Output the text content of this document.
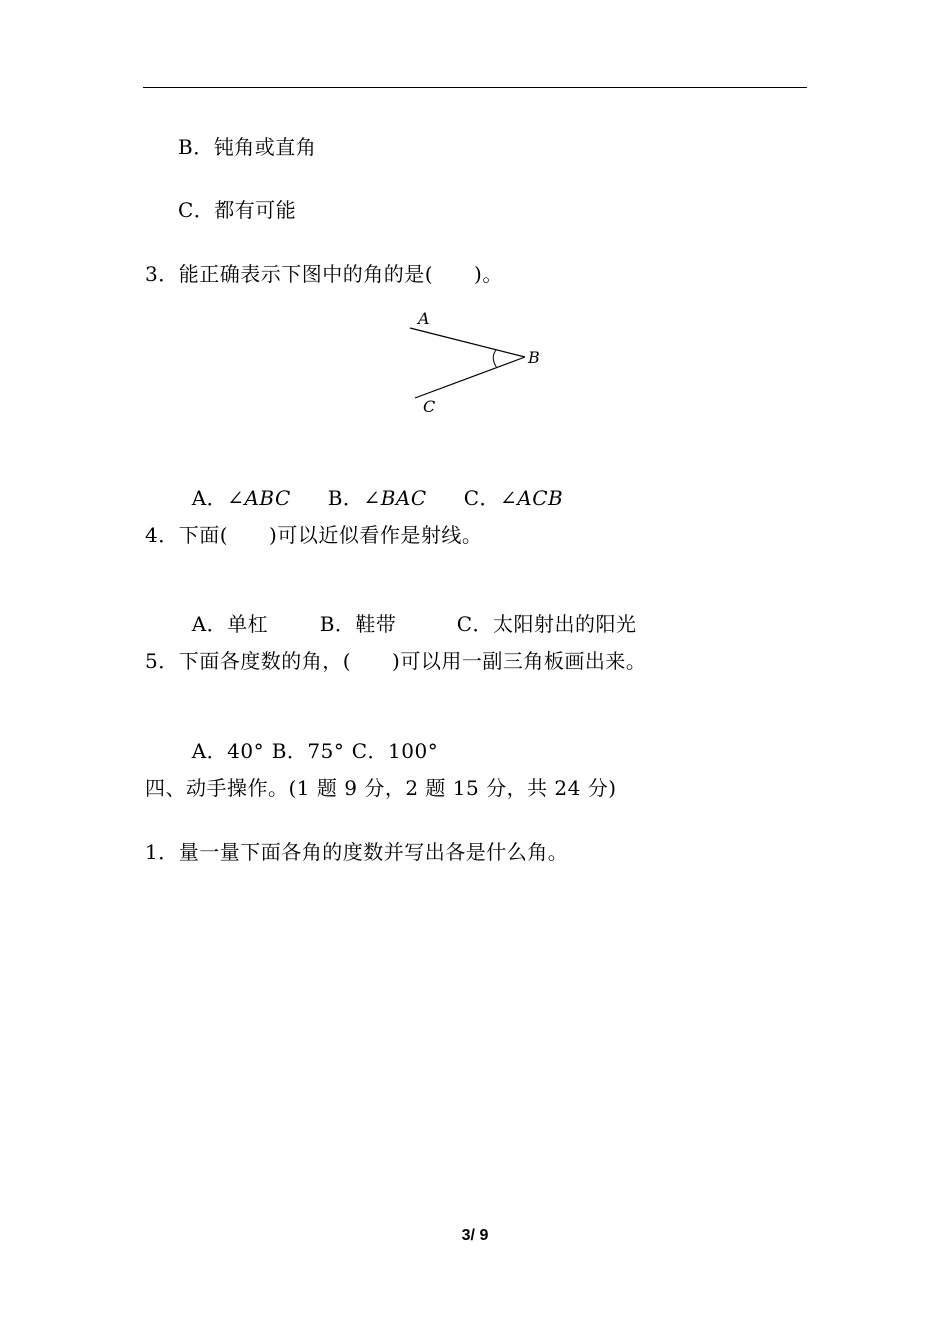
B．钝角或直角
C．都有可能
3．能正确表示下图中的角的是(　　)。
A
B
C

A．∠ABC B．∠BAC C．∠ACB

4．下面(　　)可以近似看作是射线。

A．单杠	B．鞋带	C．太阳射出的阳光

5．下面各度数的角，(　　)可以用一副三角板画出来。

A．40° B．75° C．100°

四、动手操作。(1 题 9 分，2 题 15 分，共 24 分)
1．量一量下面各角的度数并写出各是什么角。
3/ 9
